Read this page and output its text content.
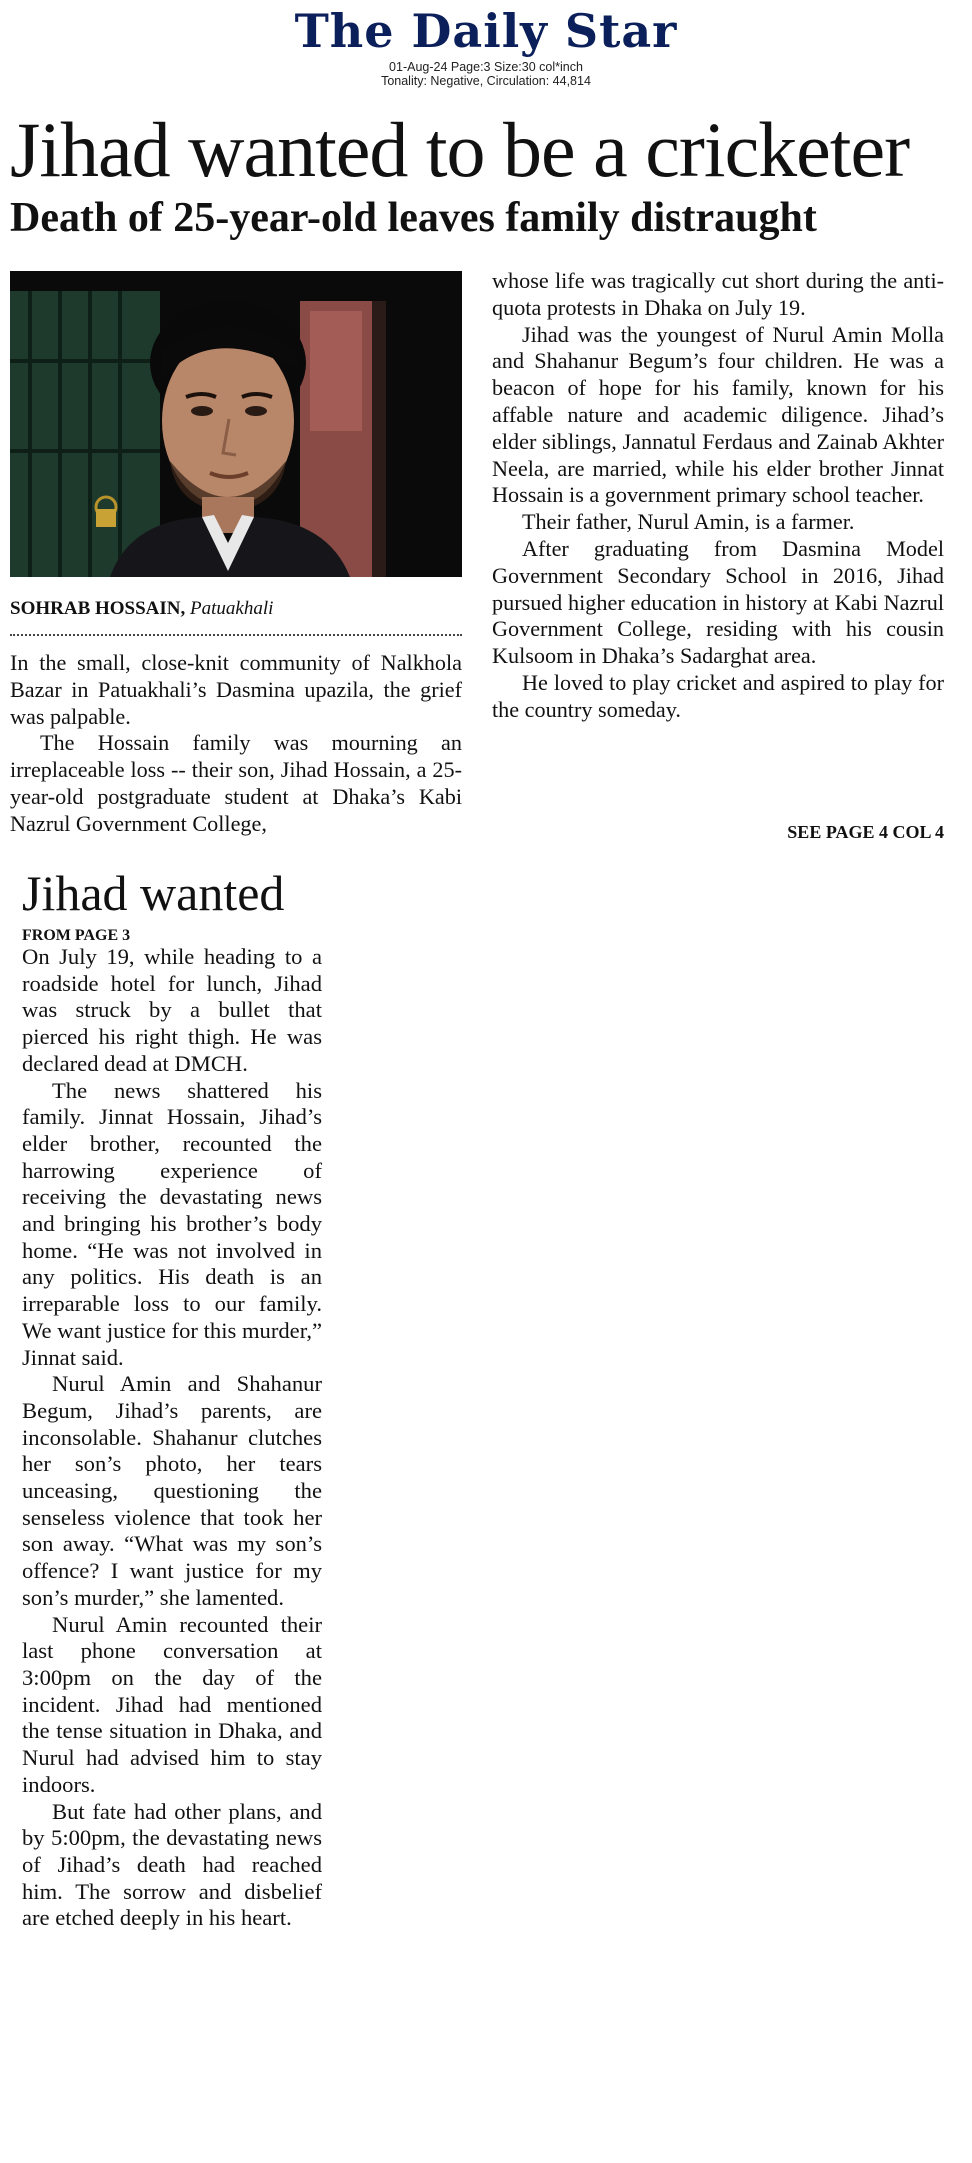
The Daily Star
01-Aug-24 Page:3 Size:30 col*inch
Tonality: Negative, Circulation: 44,814
Jihad wanted to be a cricketer
Death of 25-year-old leaves family distraught
SOHRAB HOSSAIN, Patuakhali

In the small, close-knit community of Nalkhola Bazar in Patuakhali’s Dasmina upazila, the grief was palpable.

The Hossain family was mourning an irreplaceable loss -- their son, Jihad Hossain, a 25-year-old postgraduate student at Dhaka’s Kabi Nazrul Government College,

whose life was tragically cut short during the anti-quota protests in Dhaka on July 19.

Jihad was the youngest of Nurul Amin Molla and Shahanur Begum’s four children. He was a beacon of hope for his family, known for his affable nature and academic diligence. Jihad’s elder siblings, Jannatul Ferdaus and Zainab Akhter Neela, are married, while his elder brother Jinnat Hossain is a government primary school teacher.

Their father, Nurul Amin, is a farmer.

After graduating from Dasmina Model Government Secondary School in 2016, Jihad pursued higher education in history at Kabi Nazrul Government College, residing with his cousin Kulsoom in Dhaka’s Sadarghat area.

He loved to play cricket and aspired to play for the country someday.

SEE PAGE 4 COL 4
Jihad wanted
FROM PAGE 3

On July 19, while heading to a roadside hotel for lunch, Jihad was struck by a bullet that pierced his right thigh. He was declared dead at DMCH.

The news shattered his family. Jinnat Hossain, Jihad’s elder brother, recounted the harrowing experience of receiving the devastating news and bringing his brother’s body home. “He was not involved in any politics. His death is an irreparable loss to our family. We want justice for this murder,” Jinnat said.

Nurul Amin and Shahanur Begum, Jihad’s parents, are inconsolable. Shahanur clutches her son’s photo, her tears unceasing, questioning the senseless violence that took her son away. “What was my son’s offence? I want justice for my son’s murder,” she lamented.

Nurul Amin recounted their last phone conversation at 3:00pm on the day of the incident. Jihad had mentioned the tense situation in Dhaka, and Nurul had advised him to stay indoors.

But fate had other plans, and by 5:00pm, the devastating news of Jihad’s death had reached him. The sorrow and disbelief are etched deeply in his heart.
